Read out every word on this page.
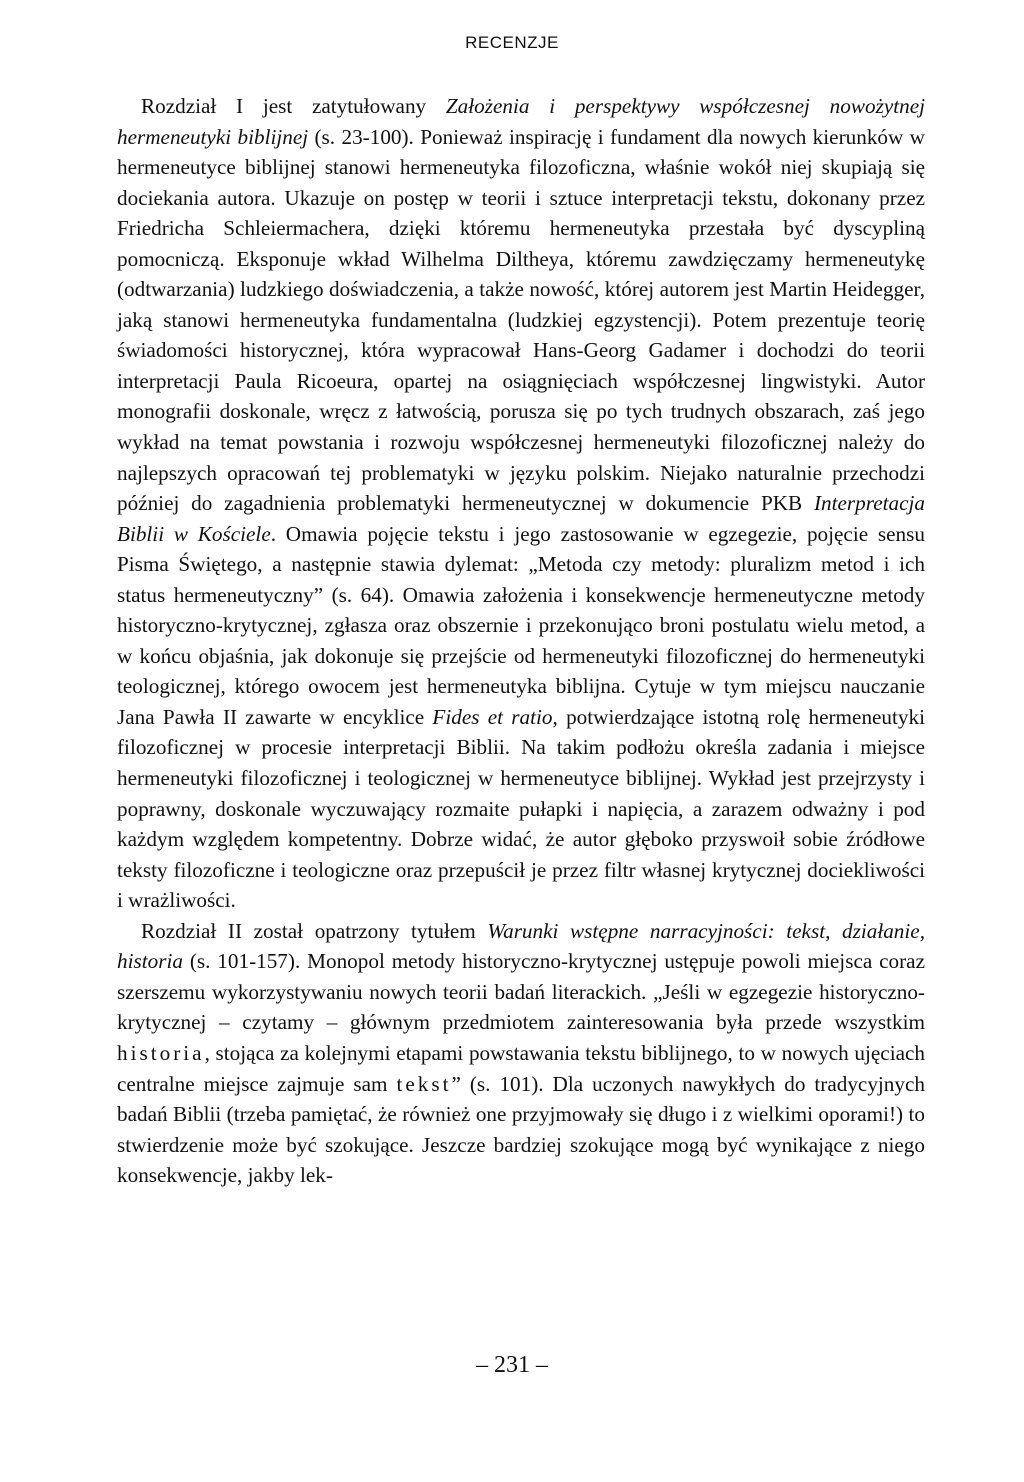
RECENZJE

Rozdział I jest zatytułowany Założenia i perspektywy współczesnej nowożytnej hermeneutyki biblijnej (s. 23-100). Ponieważ inspirację i fundament dla nowych kierunków w hermeneutyce biblijnej stanowi hermeneutyka filozoficzna, właśnie wokół niej skupiają się dociekania autora. Ukazuje on postęp w teorii i sztuce interpretacji tekstu, dokonany przez Friedricha Schleiermachera, dzięki któremu hermeneutyka przestała być dyscypliną pomocniczą. Eksponuje wkład Wilhelma Diltheya, któremu zawdzięczamy hermeneutykę (odtwarzania) ludzkiego doświadczenia, a także nowość, której autorem jest Martin Heidegger, jaką stanowi hermeneutyka fundamentalna (ludzkiej egzystencji). Potem prezentuje teorię świadomości historycznej, która wypracował Hans-Georg Gadamer i dochodzi do teorii interpretacji Paula Ricoeura, opartej na osiągnięciach współczesnej lingwistyki. Autor monografii doskonale, wręcz z łatwością, porusza się po tych trudnych obszarach, zaś jego wykład na temat powstania i rozwoju współczesnej hermeneutyki filozoficznej należy do najlepszych opracowań tej problematyki w języku polskim. Niejako naturalnie przechodzi później do zagadnienia problematyki hermeneutycznej w dokumencie PKB Interpretacja Biblii w Kościele. Omawia pojęcie tekstu i jego zastosowanie w egzegezie, pojęcie sensu Pisma Świętego, a następnie stawia dylemat: „Metoda czy metody: pluralizm metod i ich status hermeneutyczny” (s. 64). Omawia założenia i konsekwencje hermeneutyczne metody historyczno-krytycznej, zgłasza oraz obszernie i przekonująco broni postulatu wielu metod, a w końcu objaśnia, jak dokonuje się przejście od hermeneutyki filozoficznej do hermeneutyki teologicznej, którego owocem jest hermeneutyka biblijna. Cytuje w tym miejscu nauczanie Jana Pawła II zawarte w encyklice Fides et ratio, potwierdzające istotną rolę hermeneutyki filozoficznej w procesie interpretacji Biblii. Na takim podłożu określa zadania i miejsce hermeneutyki filozoficznej i teologicznej w hermeneutyce biblijnej. Wykład jest przejrzysty i poprawny, doskonale wyczuwający rozmaite pułapki i napięcia, a zarazem odważny i pod każdym względem kompetentny. Dobrze widać, że autor głęboko przyswoił sobie źródłowe teksty filozoficzne i teologiczne oraz przepuścił je przez filtr własnej krytycznej dociekliwości i wrażliwości.

Rozdział II został opatrzony tytułem Warunki wstępne narracyjności: tekst, działanie, historia (s. 101-157). Monopol metody historyczno-krytycznej ustępuje powoli miejsca coraz szerszemu wykorzystywaniu nowych teorii badań literackich. „Jeśli w egzegezie historyczno-krytycznej – czytamy – głównym przedmiotem zainteresowania była przede wszystkim historia, stojąca za kolejnymi etapami powstawania tekstu biblijnego, to w nowych ujęciach centralne miejsce zajmuje sam tekst” (s. 101). Dla uczonych nawykłych do tradycyjnych badań Biblii (trzeba pamiętać, że również one przyjmowały się długo i z wielkimi oporami!) to stwierdzenie może być szokujące. Jeszcze bardziej szokujące mogą być wynikające z niego konsekwencje, jakby lek-

– 231 –
